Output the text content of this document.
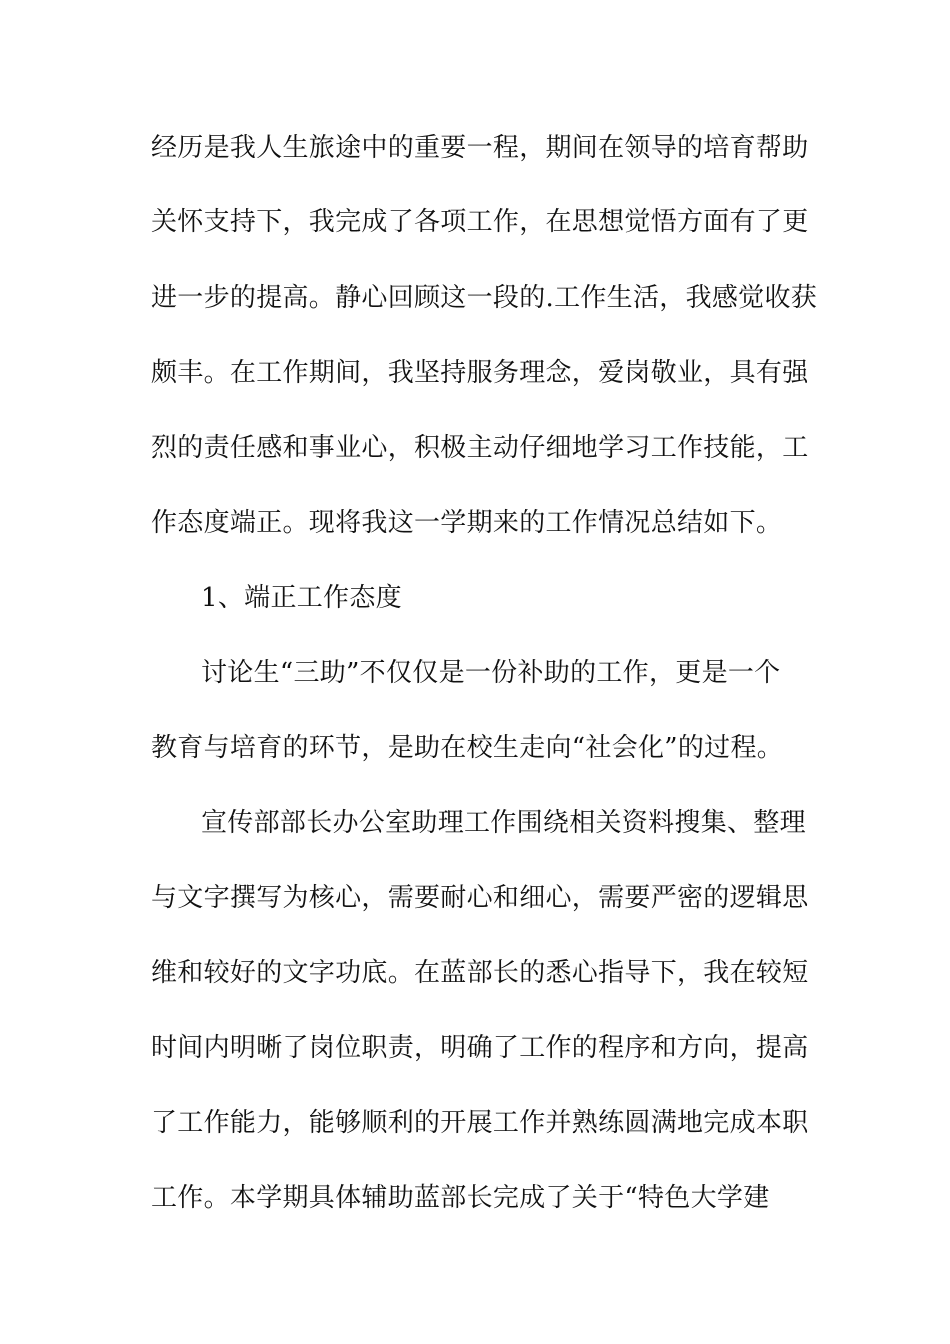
经历是我人生旅途中的重要一程，期间在领导的培育帮助
关怀支持下，我完成了各项工作，在思想觉悟方面有了更
进一步的提高。静心回顾这一段的.工作生活，我感觉收获
颇丰。在工作期间，我坚持服务理念，爱岗敬业，具有强
烈的责任感和事业心，积极主动仔细地学习工作技能，工
作态度端正。现将我这一学期来的工作情况总结如下。
1、端正工作态度
讨论生“三助”不仅仅是一份补助的工作，更是一个
教育与培育的环节，是助在校生走向“社会化”的过程。
宣传部部长办公室助理工作围绕相关资料搜集、整理
与文字撰写为核心，需要耐心和细心，需要严密的逻辑思
维和较好的文字功底。在蓝部长的悉心指导下，我在较短
时间内明晰了岗位职责，明确了工作的程序和方向，提高
了工作能力，能够顺利的开展工作并熟练圆满地完成本职
工作。本学期具体辅助蓝部长完成了关于“特色大学建
